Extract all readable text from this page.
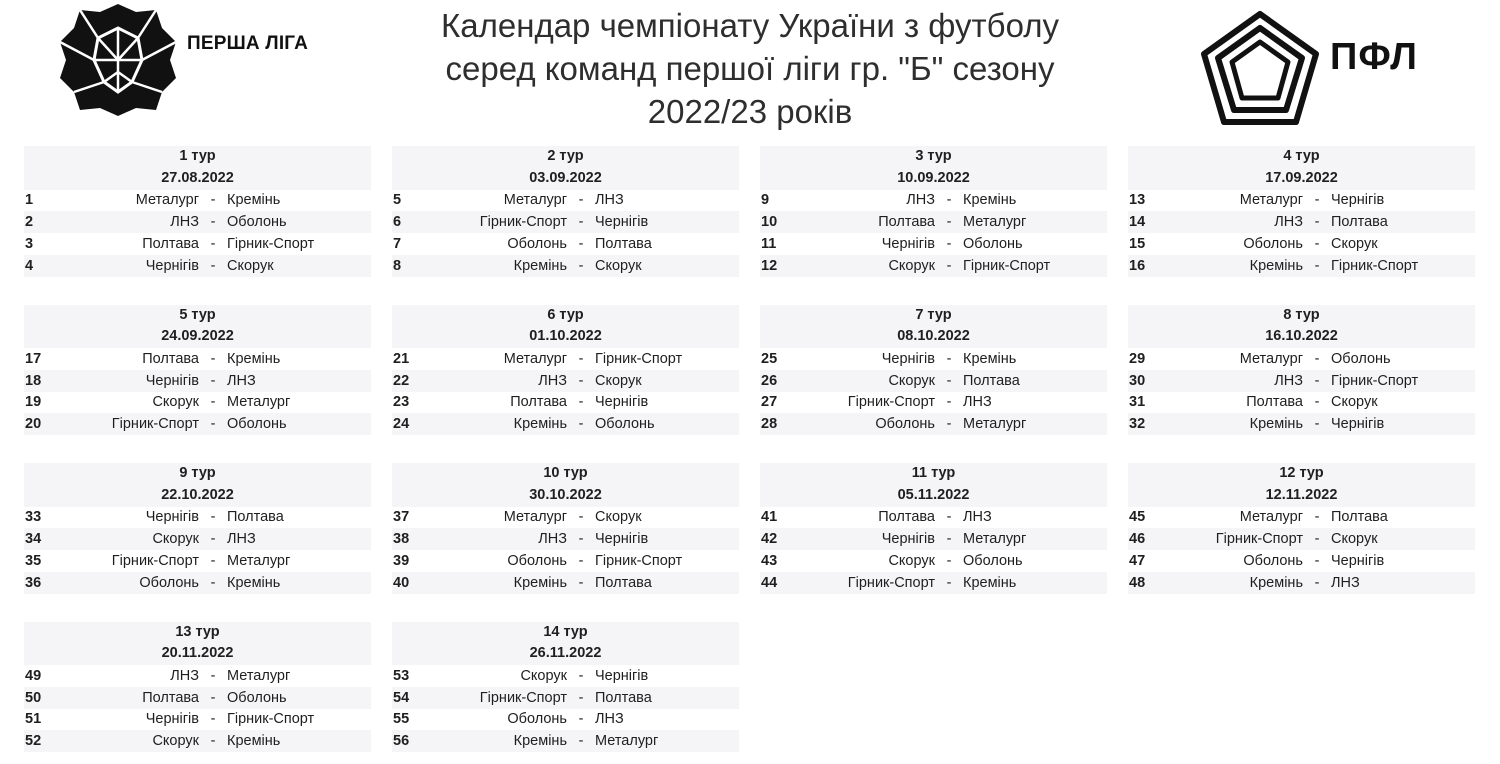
ПЕРША ЛІГА	Календар чемпіонату України з футболу
серед команд першої ліги гр. "Б" сезону
2022/23 років
ПФЛ
1 тур
27.08.2022
1	Металург - Кремінь
2	ЛНЗ - Оболонь
3	Полтава - Гірник-Спорт
4	Чернігів - Скорук
2 тур
03.09.2022
5	Металург - ЛНЗ
6	Гірник-Спорт - Чернігів
7	Оболонь - Полтава
8	Кремінь - Скорук
3 тур
10.09.2022
9	ЛНЗ - Кремінь
10	Полтава - Металург
11	Чернігів - Оболонь
12	Скорук - Гірник-Спорт
4 тур
17.09.2022
13	Металург - Чернігів
14	ЛНЗ - Полтава
15	Оболонь - Скорук
16	Кремінь - Гірник-Спорт
5 тур
24.09.2022
17	Полтава - Кремінь
18	Чернігів - ЛНЗ
19	Скорук - Металург
20	Гірник-Спорт - Оболонь
6 тур
01.10.2022
21	Металург - Гірник-Спорт
22	ЛНЗ - Скорук
23	Полтава - Чернігів
24	Кремінь - Оболонь
7 тур
08.10.2022
25	Чернігів - Кремінь
26	Скорук - Полтава
27	Гірник-Спорт - ЛНЗ
28	Оболонь - Металург
8 тур
16.10.2022
29	Металург - Оболонь
30	ЛНЗ - Гірник-Спорт
31	Полтава - Скорук
32	Кремінь - Чернігів
9 тур
22.10.2022
33	Чернігів - Полтава
34	Скорук - ЛНЗ
35	Гірник-Спорт - Металург
36	Оболонь - Кремінь
10 тур
30.10.2022
37	Металург - Скорук
38	ЛНЗ - Чернігів
39	Оболонь - Гірник-Спорт
40	Кремінь - Полтава
11 тур
05.11.2022
41	Полтава - ЛНЗ
42	Чернігів - Металург
43	Скорук - Оболонь
44	Гірник-Спорт - Кремінь
12 тур
12.11.2022
45	Металург - Полтава
46	Гірник-Спорт - Скорук
47	Оболонь - Чернігів
48	Кремінь - ЛНЗ
13 тур
20.11.2022
49	ЛНЗ - Металург
50	Полтава - Оболонь
51	Чернігів - Гірник-Спорт
52	Скорук - Кремінь
14 тур
26.11.2022
53	Скорук - Чернігів
54	Гірник-Спорт - Полтава
55	Оболонь - ЛНЗ
56	Кремінь - Металург
